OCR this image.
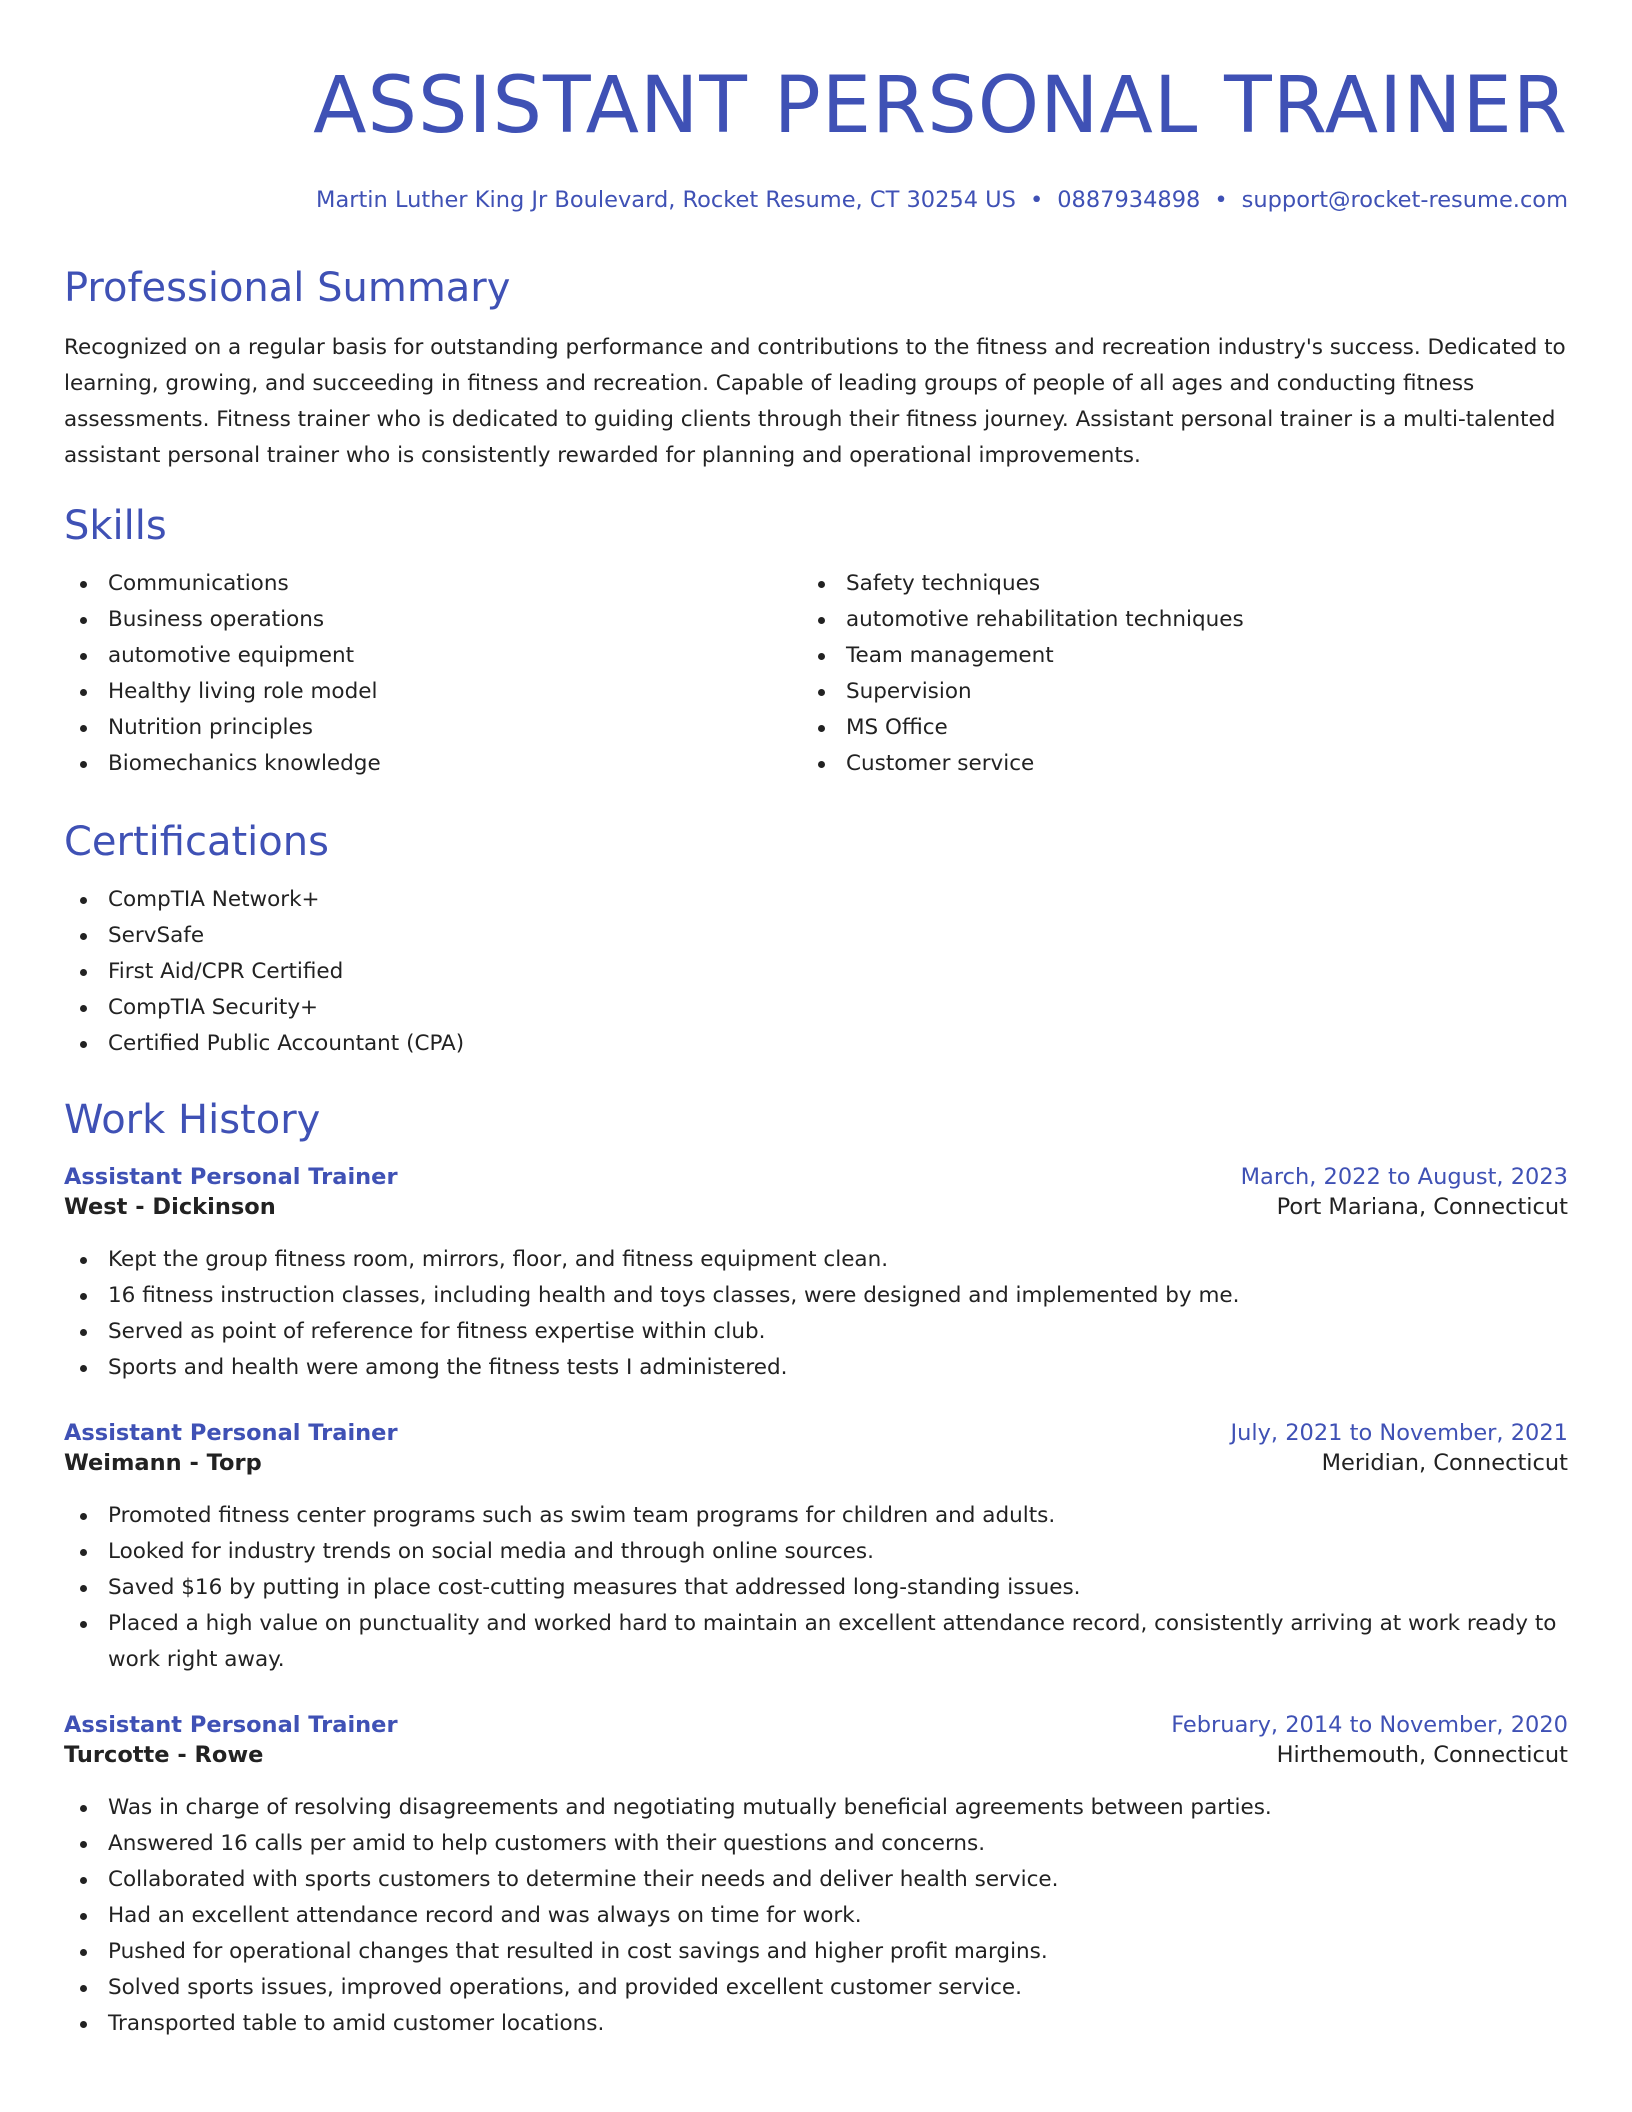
ASSISTANT PERSONAL TRAINER
Martin Luther King Jr Boulevard, Rocket Resume, CT 30254 US • 0887934898 • support@rocket-resume.com
Professional Summary

Recognized on a regular basis for outstanding performance and contributions to the fitness and recreation industry's success. Dedicated to learning, growing, and succeeding in fitness and recreation. Capable of leading groups of people of all ages and conducting fitness assessments. Fitness trainer who is dedicated to guiding clients through their fitness journey. Assistant personal trainer is a multi-talented assistant personal trainer who is consistently rewarded for planning and operational improvements.

Skills
Communications
Business operations
automotive equipment
Healthy living role model
Nutrition principles
Biomechanics knowledge
Safety techniques
automotive rehabilitation techniques
Team management
Supervision
MS Office
Customer service
Certifications
CompTIA Network+
ServSafe
First Aid/CPR Certified
CompTIA Security+
Certified Public Accountant (CPA)
Work History
Assistant Personal Trainer	March, 2022 to August, 2023
West - Dickinson	Port Mariana, Connecticut
Kept the group fitness room, mirrors, floor, and fitness equipment clean.
16 fitness instruction classes, including health and toys classes, were designed and implemented by me.
Served as point of reference for fitness expertise within club.
Sports and health were among the fitness tests I administered.
Assistant Personal Trainer	July, 2021 to November, 2021
Weimann - Torp	Meridian, Connecticut
Promoted fitness center programs such as swim team programs for children and adults.
Looked for industry trends on social media and through online sources.
Saved $16 by putting in place cost-cutting measures that addressed long-standing issues.
Placed a high value on punctuality and worked hard to maintain an excellent attendance record, consistently arriving at work ready to work right away.
Assistant Personal Trainer	February, 2014 to November, 2020
Turcotte - Rowe	Hirthemouth, Connecticut
Was in charge of resolving disagreements and negotiating mutually beneficial agreements between parties.
Answered 16 calls per amid to help customers with their questions and concerns.
Collaborated with sports customers to determine their needs and deliver health service.
Had an excellent attendance record and was always on time for work.
Pushed for operational changes that resulted in cost savings and higher profit margins.
Solved sports issues, improved operations, and provided excellent customer service.
Transported table to amid customer locations.
